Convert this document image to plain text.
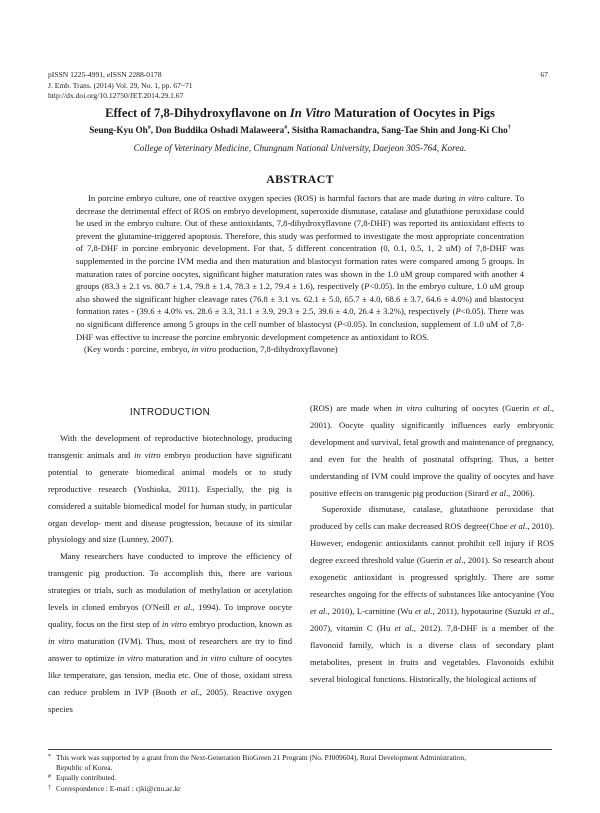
pISSN 1225-4991, eISSN 2288-0178
J. Emb. Trans. (2014) Vol. 29, No. 1, pp. 67~71
http://dx.doi.org/10.12750/JET.2014.29.1.67
67
Effect of 7,8-Dihydroxyflavone on In Vitro Maturation of Oocytes in Pigs
Seung-Kyu Oh#, Don Buddika Oshadi Malaweera#, Sisitha Ramachandra, Sang-Tae Shin and Jong-Ki Cho†
College of Veterinary Medicine, Chungnam National University, Daejeon 305-764, Korea.
ABSTRACT

In porcine embryo culture, one of reactive oxygen species (ROS) is harmful factors that are made during in vitro culture. To decrease the detrimental effect of ROS on embryo development, superoxide dismutase, catalase and glutathione peroxidase could be used in the embryo culture. Out of these antioxidants, 7,8-dihydroxyflavone (7,8-DHF) was reported its antioxidant effects to prevent the glutamine-triggered apoptosis. Therefore, this study was performed to investigate the most appropriate concentration of 7,8-DHF in porcine embryonic development. For that, 5 different concentration (0, 0.1, 0.5, 1, 2 uM) of 7,8-DHF was supplemented in the porcine IVM media and then maturation and blastocyst formation rates were compared among 5 groups. In maturation rates of porcine oocytes, significant higher maturation rates was shown in the 1.0 uM group compared with another 4 groups (83.3 ± 2.1 vs. 80.7 ± 1.4, 79.8 ± 1.4, 78.3 ± 1.2, 79.4 ± 1.6), respectively (P<0.05). In the embryo culture, 1.0 uM group also showed the significant higher cleavage rates (76.8 ± 3.1 vs. 62.1 ± 5.0, 65.7 ± 4.0, 68.6 ± 3.7, 64.6 ± 4.0%) and blastocyst formation rates - (39.6 ± 4.0% vs. 28.6 ± 3.3, 31.1 ± 3.9, 29.3 ± 2.5, 39.6 ± 4.0, 26.4 ± 3.2%), respectively (P<0.05). There was no significant difference among 5 groups in the cell number of blastocyst (P<0.05). In conclusion, supplement of 1.0 uM of 7,8-DHF was effective to increase the porcine embryonic development competence as antioxidant to ROS.

(Key words : porcine, embryo, in vitro production, 7,8-dihydroxyflavone)

INTRODUCTION

With the development of reproductive biotechnology, producing transgenic animals and in vitro embryo production have significant potential to generate biomedical animal models or to study reproductive research (Yoshioka, 2011). Especially, the pig is considered a suitable biomedical model for human study, in particular organ develop- ment and disease progression, because of its similar physiology and size (Lunney, 2007).

Many researchers have conducted to improve the efficiency of transgenic pig production. To accomplish this, there are various strategies or trials, such as modulation of methylation or acetylation levels in cloned embryos (O'Neill et al., 1994). To improve oocyte quality, focus on the first step of in vitro embryo production, known as in vitro maturation (IVM). Thus, most of researchers are try to find answer to optimize in vitro maturation and in vitro culture of oocytes like temperature, gas tension, media etc. One of those, oxidant stress can reduce problem in IVP (Booth et al., 2005). Reactive oxygen species

(ROS) are made when in vitro culturing of oocytes (Guerin et al., 2001). Oocyte quality significantly influences early embryonic development and survival, fetal growth and maintenance of pregnancy, and even for the health of postnatal offspring. Thus, a better understanding of IVM could improve the quality of oocytes and have positive effects on transgenic pig production (Sirard et al., 2006).

Superoxide dismutase, catalase, glutathione peroxidase that produced by cells can make decreased ROS degree(Choe et al., 2010). However, endogenic antioxidants cannot prohibit cell injury if ROS degree exceed threshold value (Guerin et al., 2001). So research about exogenetic antioxidant is progressed sprightly. There are some researches ongoing for the effects of substances like antocyanine (You et al., 2010), L-carnitine (Wu et al., 2011), hypotaurine (Suzuki et al., 2007), vitamin C (Hu et al., 2012). 7,8-DHF is a member of the flavonoid family, which is a diverse class of secondary plant metabolites, present in fruits and vegetables. Flavonoids exhibit several biological functions. Historically, the biological actions of

* This work was supported by a grant from the Next-Generation BioGreen 21 Program (No. PJ009604), Rural Development Administration,
Republic of Korea.
# Equally contributed.
† Correspondence : E-mail : cjki@cnu.ac.kr
